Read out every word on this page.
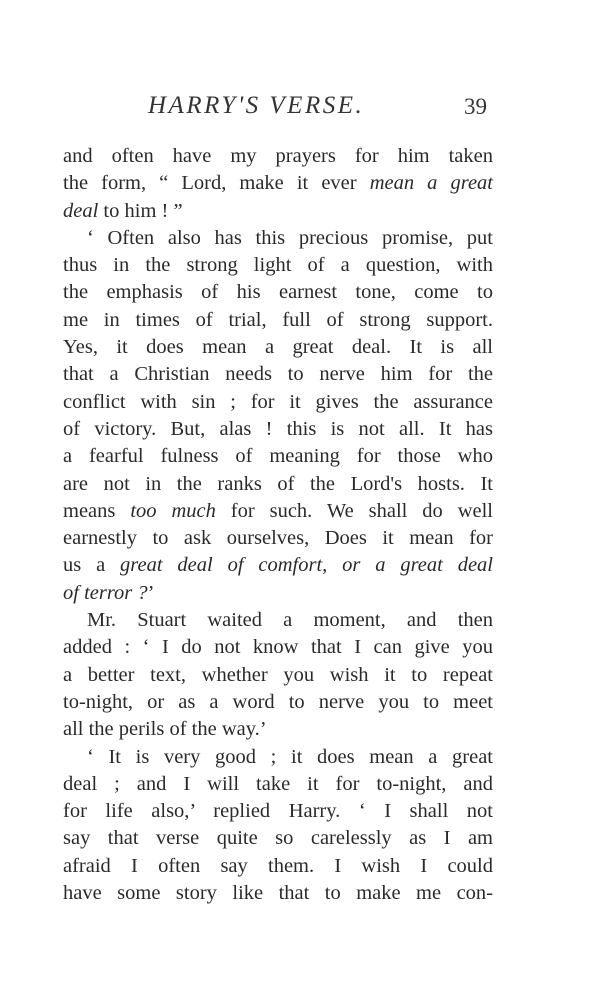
HARRY'S VERSE.	39
and often have my prayers for him taken
the form, “ Lord, make it ever mean a great
deal to him ! ”
‘ Often also has this precious promise, put
thus in the strong light of a question, with
the emphasis of his earnest tone, come to
me in times of trial, full of strong support.
Yes, it does mean a great deal. It is all
that a Christian needs to nerve him for the
conflict with sin ; for it gives the assurance
of victory. But, alas ! this is not all. It has
a fearful fulness of meaning for those who
are not in the ranks of the Lord's hosts. It
means too much for such. We shall do well
earnestly to ask ourselves, Does it mean for
us a great deal of comfort, or a great deal
of terror ?’
Mr. Stuart waited a moment, and then
added : ‘ I do not know that I can give you
a better text, whether you wish it to repeat
to-night, or as a word to nerve you to meet
all the perils of the way.’
‘ It is very good ; it does mean a great
deal ; and I will take it for to-night, and
for life also,’ replied Harry. ‘ I shall not
say that verse quite so carelessly as I am
afraid I often say them. I wish I could
have some story like that to make me con-
